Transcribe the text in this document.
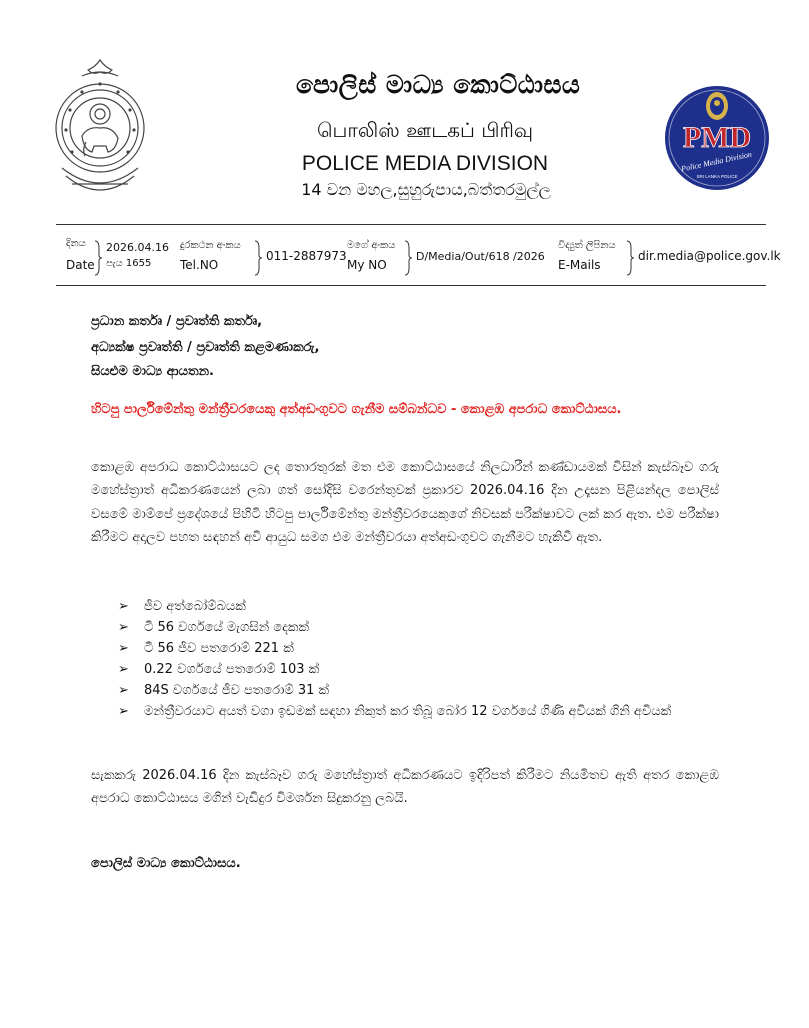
පොලිස් මාධ්‍ය කොට්ඨාසය
பொலிஸ் ஊடகப் பிரிவு
POLICE MEDIA DIVISION
14 වන මහල,සුහුරුපාය,බත්තරමුල්ල
PMD
Police Media Division
SRI LANKA POLICE
දිනය
Date
2026.04.16
පැය 1655
දුරකථන අංකය
Tel.NO
011-2887973
මගේ අංකය
My NO
D/Media/Out/618 /2026
විද්‍යුත් ලිපිනය
E-Mails
dir.media@police.gov.lk
ප්‍රධාන කර්තෘ / ප්‍රවෘත්ති කර්තෘ,
අධ්‍යක්ෂ ප්‍රවෘත්ති / ප්‍රවෘත්ති කළමණාකරු,
සියළුම මාධ්‍ය ආයතන.
හිටපු පාර්ලිමේන්තු මන්ත්‍රීවරයෙකු අත්අඩංගුවට ගැනීම සම්බන්ධව - කොළඹ අපරාධ කොට්ඨාසය.
කොළඹ අපරාධ කොට්ඨාසයට ලද තොරතුරක් මත එම කොට්ඨාසයේ නිලධාරීන් කණ්ඩායමක් විසින් කැස්බෑව ගරු මහේස්ත්‍රාත් අධිකරණයෙන් ලබා ගත් සෝදිසි වරෙන්තුවක් ප්‍රකාරව 2026.04.16 දින උදෑසන පිළියන්දල පොලිස් වසමේ මාම්පේ ප්‍රදේශයේ පිහිටි හිටපු පාර්ලිමේන්තු මන්ත්‍රීවරයෙකුගේ නිවසක් පරීක්ෂාවට ලක් කර ඇත. එම පරීක්ෂා කිරීමට අදාලව පහත සඳහන් අවි ආයුධ සමග එම මන්ත්‍රීවරයා අත්අඩංගුවට ගැනීමට හැකිවී ඇත.
➢ ජීව අත්බෝම්බයක්
➢ ටී 56 වර්ගයේ මැගසින් දෙකක්
➢ ටී 56 ජීව පතරොම් 221 ක්
➢ 0.22 වර්ගයේ පතරොම් 103 ක්
➢ 84S වර්ගයේ ජීව පතරොම් 31 ක්
➢ මන්ත්‍රීවරයාට අයත් වගා ඉඩමක් සඳහා නිකුත් කර තිබූ බෝර 12 වර්ගයේ ගිණි අවියක් ගිනි අවියක්
සැකකරු 2026.04.16 දින කැස්බෑව ගරු මහේස්ත්‍රාත් අධිකරණයට ඉදිරිපත් කිරීමට නියමිතව ඇති අතර කොළඹ අපරාධ කොට්ඨාසය මගින් වැඩිදුර විමර්ශන සිදුකරනු ලබයි.
පොලිස් මාධ්‍ය කොට්ඨාසය.
